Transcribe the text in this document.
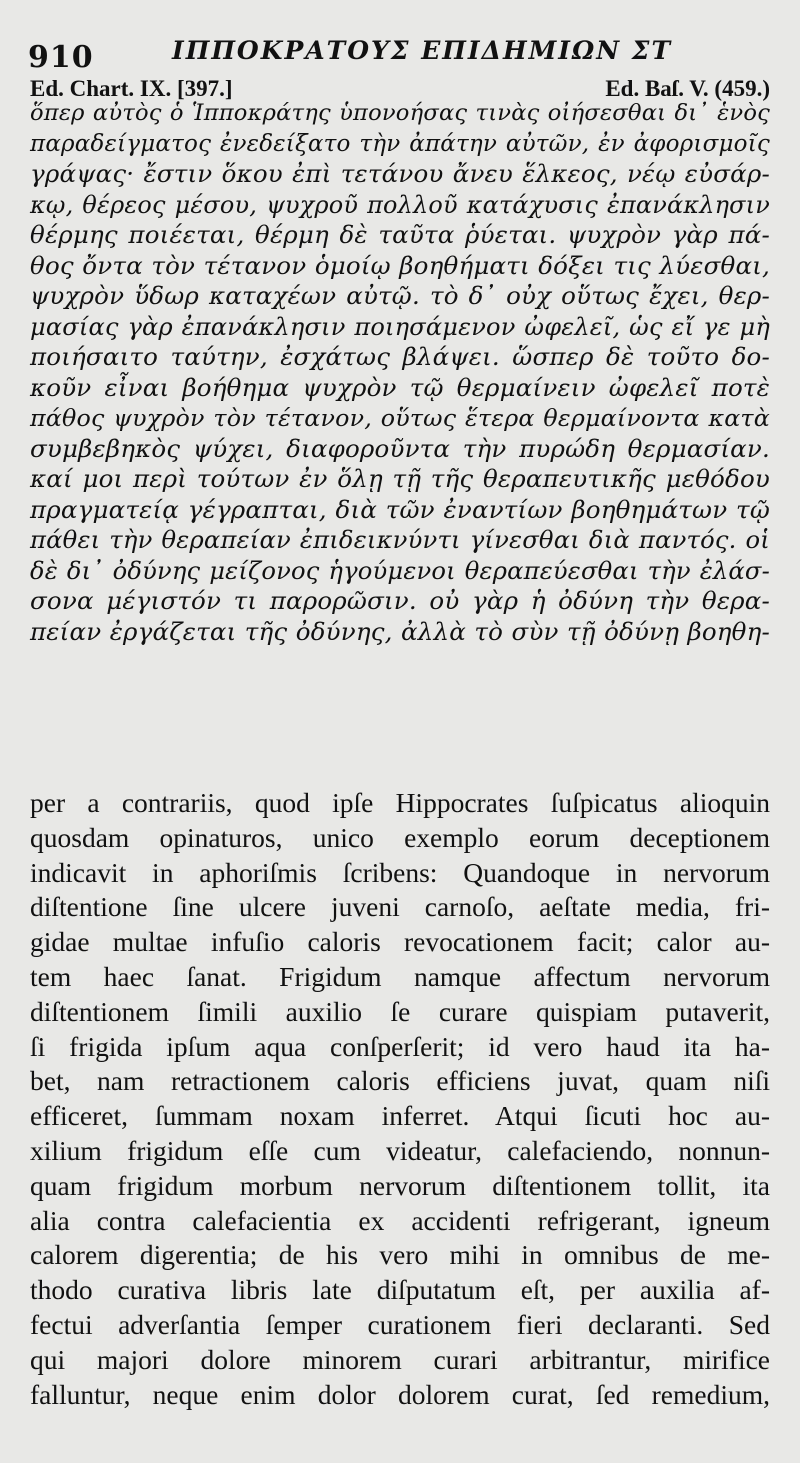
910	ΙΠΠΟΚΡΑΤΟΥΣ ΕΠΙΔΗΜΙΩΝ ΣΤ
Ed. Chart. IX. [397.]	Ed. Baſ. V. (459.)
ὅπερ αὐτὸς ὁ Ἱπποκράτης ὑπονοήσας τινὰς οἰήσεσθαι δι᾽ ἑνὸς
παραδείγματος ἐνεδείξατο τὴν ἀπάτην αὐτῶν, ἐν ἀφορισμοῖς
γράψας· ἔστιν ὅκου ἐπὶ τετάνου ἄνευ ἕλκεος, νέῳ εὐσάρ-
κῳ, θέρεος μέσου, ψυχροῦ πολλοῦ κατάχυσις ἐπανάκλησιν
θέρμης ποιέεται, θέρμη δὲ ταῦτα ῥύεται. ψυχρὸν γὰρ πά-
θος ὄντα τὸν τέτανον ὁμοίῳ βοηθήματι δόξει τις λύεσθαι,
ψυχρὸν ὕδωρ καταχέων αὐτῷ. τὸ δ᾽ οὐχ οὕτως ἔχει, θερ-
μασίας γὰρ ἐπανάκλησιν ποιησάμενον ὠφελεῖ, ὡς εἴ γε μὴ
ποιήσαιτο ταύτην, ἐσχάτως βλάψει. ὥσπερ δὲ τοῦτο δο-
κοῦν εἶναι βοήθημα ψυχρὸν τῷ θερμαίνειν ὠφελεῖ ποτὲ
πάθος ψυχρὸν τὸν τέτανον, οὕτως ἕτερα θερμαίνοντα κατὰ
συμβεβηκὸς ψύχει, διαφοροῦντα τὴν πυρώδη θερμασίαν.
καί μοι περὶ τούτων ἐν ὅλῃ τῇ τῆς θεραπευτικῆς μεθόδου
πραγματείᾳ γέγραπται, διὰ τῶν ἐναντίων βοηθημάτων τῷ
πάθει τὴν θεραπείαν ἐπιδεικνύντι γίνεσθαι διὰ παντός. οἱ
δὲ δι᾽ ὀδύνης μείζονος ἡγούμενοι θεραπεύεσθαι τὴν ἐλάσ-
σονα μέγιστόν τι παρορῶσιν. οὐ γὰρ ἡ ὀδύνη τὴν θερα-
πείαν ἐργάζεται τῆς ὀδύνης, ἀλλὰ τὸ σὺν τῇ ὀδύνῃ βοηθη-
per a contrariis, quod ipſe Hippocrates ſuſpicatus alioquin
quosdam opinaturos, unico exemplo eorum deceptionem
indicavit in aphoriſmis ſcribens: Quandoque in nervorum
diſtentione ſine ulcere juveni carnoſo, aeſtate media, fri-
gidae multae infuſio caloris revocationem facit; calor au-
tem haec ſanat. Frigidum namque affectum nervorum
diſtentionem ſimili auxilio ſe curare quispiam putaverit,
ſi frigida ipſum aqua conſperſerit; id vero haud ita ha-
bet, nam retractionem caloris efficiens juvat, quam niſi
efficeret, ſummam noxam inferret. Atqui ſicuti hoc au-
xilium frigidum eſſe cum videatur, calefaciendo, nonnun-
quam frigidum morbum nervorum diſtentionem tollit, ita
alia contra calefacientia ex accidenti refrigerant, igneum
calorem digerentia; de his vero mihi in omnibus de me-
thodo curativa libris late diſputatum eſt, per auxilia af-
fectui adverſantia ſemper curationem fieri declaranti. Sed
qui majori dolore minorem curari arbitrantur, mirifice
falluntur, neque enim dolor dolorem curat, ſed remedium,
